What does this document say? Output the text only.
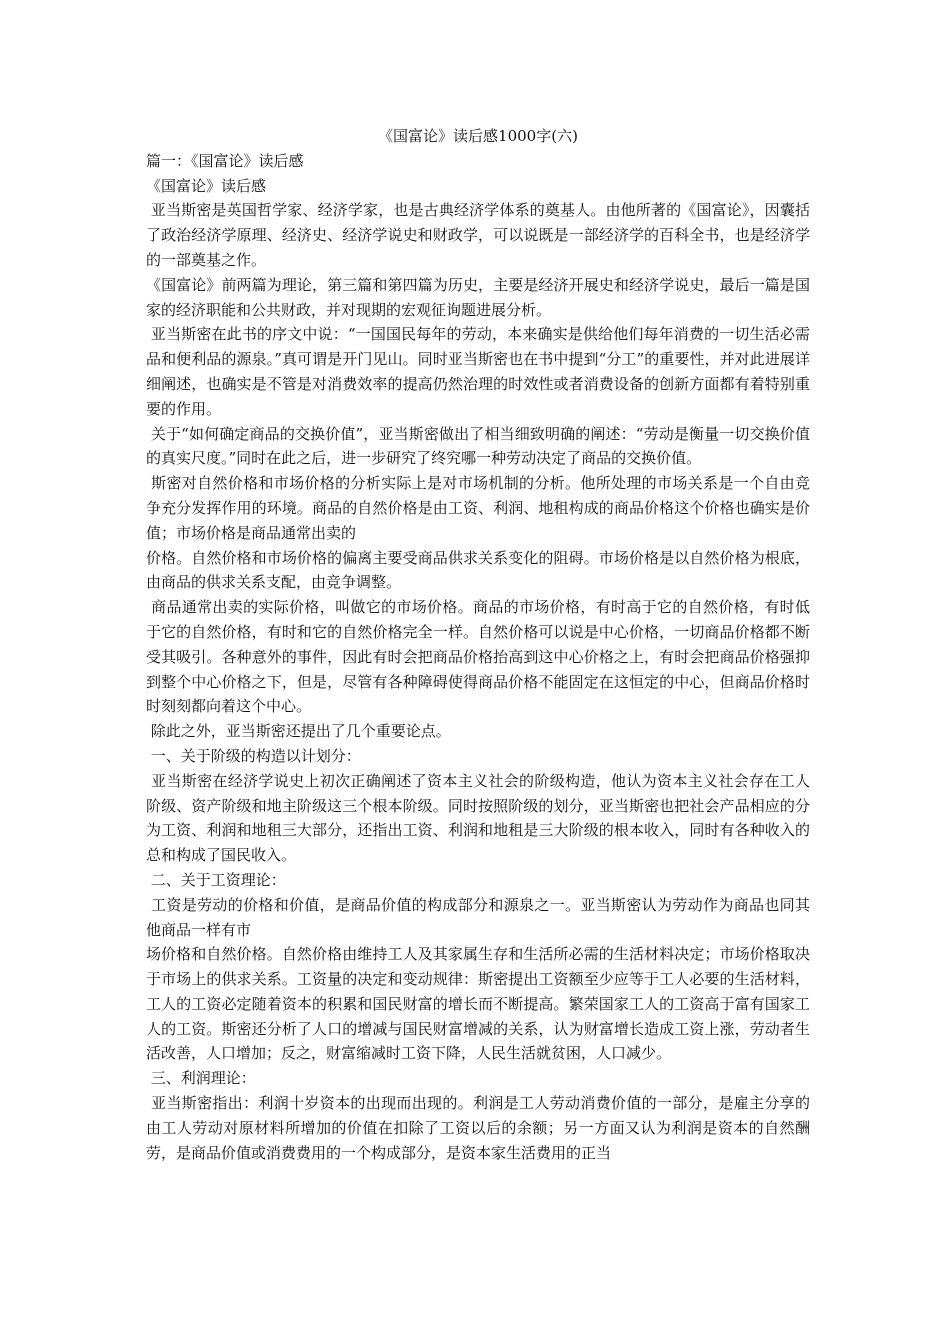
《国富论》读后感1000字(六)

篇一：《国富论》读后感

《国富论》读后感

亚当斯密是英国哲学家、经济学家，也是古典经济学体系的奠基人。由他所著的《国富论》，因囊括了政治经济学原理、经济史、经济学说史和财政学，可以说既是一部经济学的百科全书，也是经济学的一部奠基之作。

《国富论》前两篇为理论，第三篇和第四篇为历史，主要是经济开展史和经济学说史，最后一篇是国家的经济职能和公共财政，并对现期的宏观征询题进展分析。

亚当斯密在此书的序文中说：“一国国民每年的劳动，本来确实是供给他们每年消费的一切生活必需品和便利品的源泉。”真可谓是开门见山。同时亚当斯密也在书中提到“分工”的重要性，并对此进展详细阐述，也确实是不管是对消费效率的提高仍然治理的时效性或者消费设备的创新方面都有着特别重要的作用。

关于“如何确定商品的交换价值”，亚当斯密做出了相当细致明确的阐述：“劳动是衡量一切交换价值的真实尺度。”同时在此之后，进一步研究了终究哪一种劳动决定了商品的交换价值。

斯密对自然价格和市场价格的分析实际上是对市场机制的分析。他所处理的市场关系是一个自由竞争充分发挥作用的环境。商品的自然价格是由工资、利润、地租构成的商品价格这个价格也确实是价值；市场价格是商品通常出卖的

价格。自然价格和市场价格的偏离主要受商品供求关系变化的阻碍。市场价格是以自然价格为根底，由商品的供求关系支配，由竞争调整。

商品通常出卖的实际价格，叫做它的市场价格。商品的市场价格，有时高于它的自然价格，有时低于它的自然价格，有时和它的自然价格完全一样。自然价格可以说是中心价格，一切商品价格都不断受其吸引。各种意外的事件，因此有时会把商品价格抬高到这中心价格之上，有时会把商品价格强抑到整个中心价格之下，但是，尽管有各种障碍使得商品价格不能固定在这恒定的中心，但商品价格时时刻刻都向着这个中心。

除此之外，亚当斯密还提出了几个重要论点。

一、关于阶级的构造以计划分：

亚当斯密在经济学说史上初次正确阐述了资本主义社会的阶级构造，他认为资本主义社会存在工人阶级、资产阶级和地主阶级这三个根本阶级。同时按照阶级的划分，亚当斯密也把社会产品相应的分为工资、利润和地租三大部分，还指出工资、利润和地租是三大阶级的根本收入，同时有各种收入的总和构成了国民收入。

二、关于工资理论：

工资是劳动的价格和价值，是商品价值的构成部分和源泉之一。亚当斯密认为劳动作为商品也同其他商品一样有市

场价格和自然价格。自然价格由维持工人及其家属生存和生活所必需的生活材料决定；市场价格取决于市场上的供求关系。工资量的决定和变动规律：斯密提出工资额至少应等于工人必要的生活材料，工人的工资必定随着资本的积累和国民财富的增长而不断提高。繁荣国家工人的工资高于富有国家工人的工资。斯密还分析了人口的增减与国民财富增减的关系，认为财富增长造成工资上涨，劳动者生活改善，人口增加；反之，财富缩减时工资下降，人民生活就贫困，人口减少。

三、利润理论：

亚当斯密指出：利润十岁资本的出现而出现的。利润是工人劳动消费价值的一部分，是雇主分享的由工人劳动对原材料所增加的价值在扣除了工资以后的余额；另一方面又认为利润是资本的自然酬劳，是商品价值或消费费用的一个构成部分，是资本家生活费用的正当
